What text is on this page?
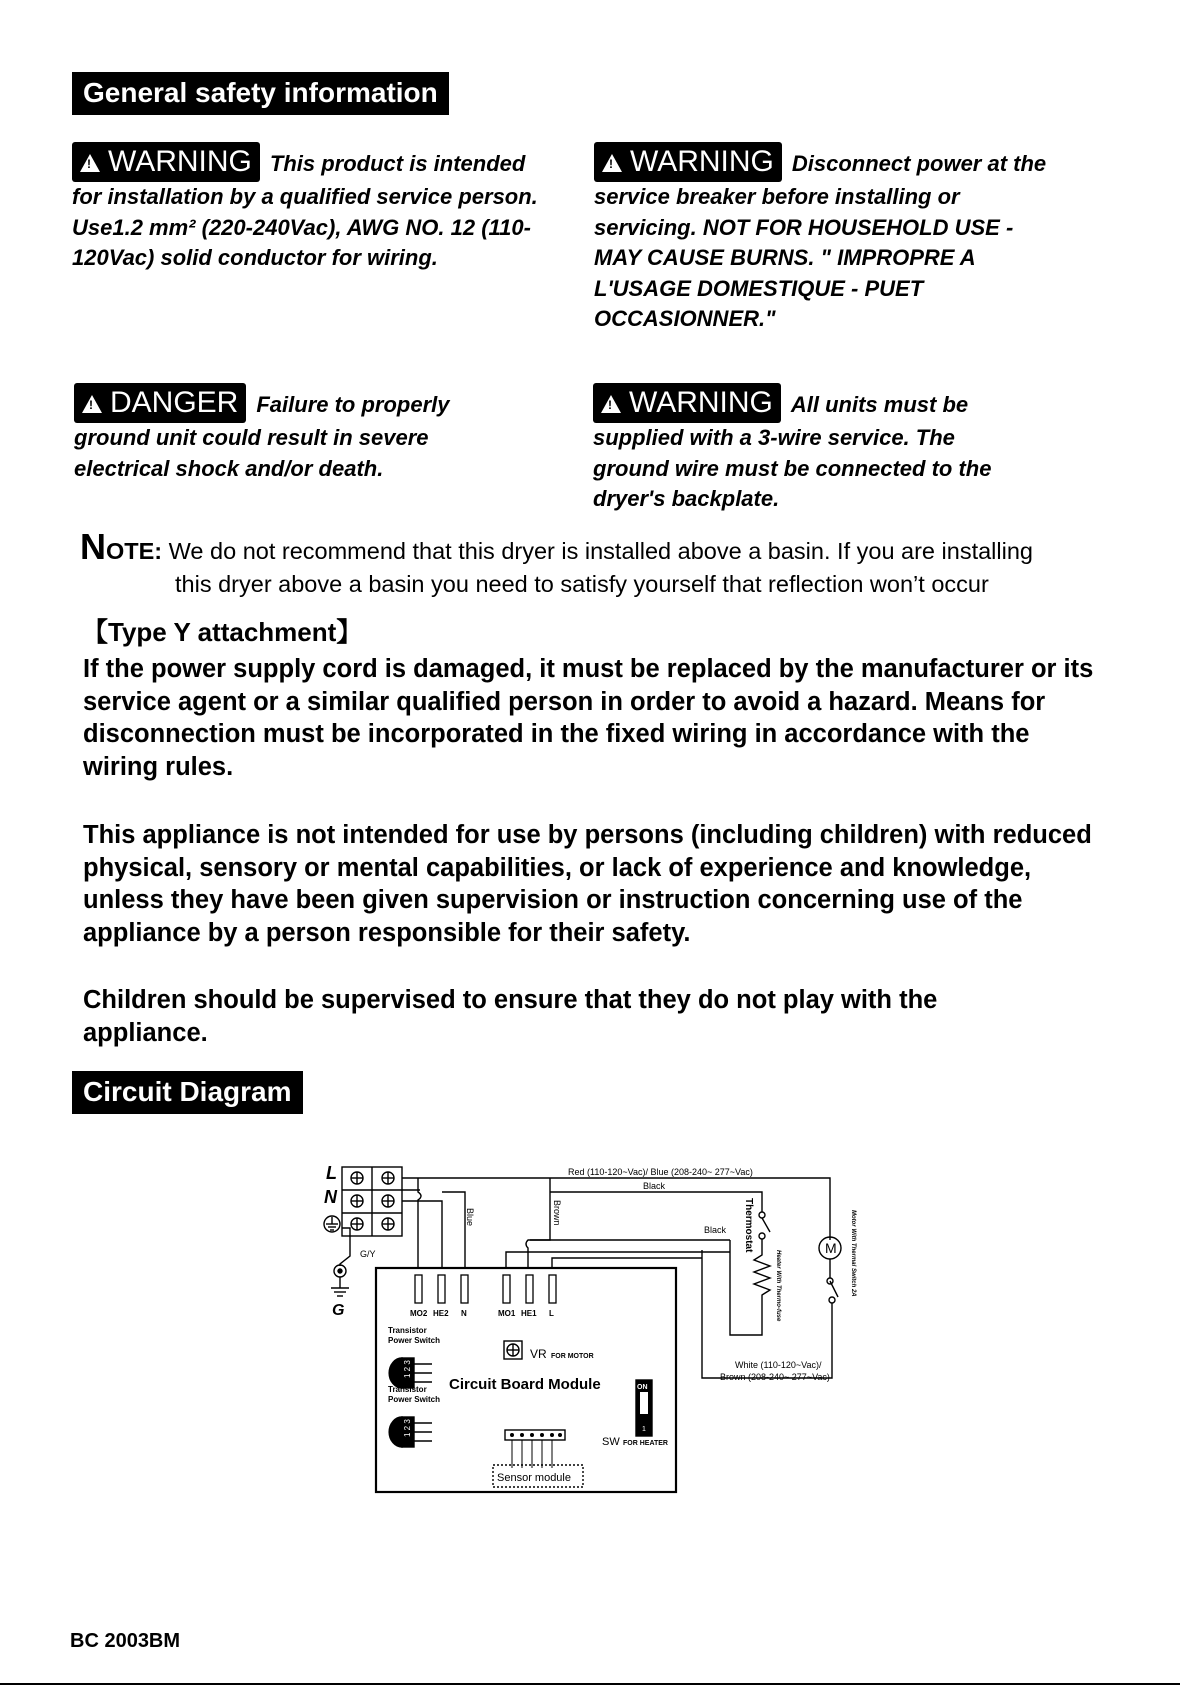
General safety information
!WARNING This product is intended for installation by a qualified service person. Use1.2 mm² (220-240Vac), AWG NO. 12 (110-120Vac) solid conductor for wiring.
!WARNING Disconnect power at the service breaker before installing or servicing. NOT FOR HOUSEHOLD USE - MAY CAUSE BURNS. " IMPROPRE A L'USAGE DOMESTIQUE - PUET OCCASIONNER."
!DANGER Failure to properly ground unit could result in severe electrical shock and/or death.
!WARNING All units must be supplied with a 3-wire service. The ground wire must be connected to the dryer's backplate.
NOTE: We do not recommend that this dryer is installed above a basin. If you are installing
this dryer above a basin you need to satisfy yourself that reflection won’t occur
【Type Y attachment】
If the power supply cord is damaged, it must be replaced by the manufacturer or its service agent or a similar qualified person in order to avoid a hazard. Means for disconnection must be incorporated in the fixed wiring in accordance with the wiring rules.
This appliance is not intended for use by persons (including children) with reduced physical, sensory or mental capabilities, or lack of experience and knowledge, unless they have been given supervision or instruction concerning use of the appliance by a person responsible for their safety.
Children should be supervised to ensure that they do not play with the appliance.
Circuit Diagram
L
N
G
G/Y
Red (110-120~Vac)/ Blue (208-240~ 277~Vac)
Black
Black
Blue	Brown	Thermostat
Heater With Thermo-fuse	Motor With Thermal Switch 2A
M
White (110-120~Vac)/
Brown (208-240~ 277~Vac)
MO2 HE2 N	MO1 HE1 L
Transistor
Power Switch
Transistor
Power Switch
1 2 3
1 2 3
VR FOR MOTOR
Circuit Board Module	ON
1
SW FOR HEATER
Sensor module
BC 2003BM
